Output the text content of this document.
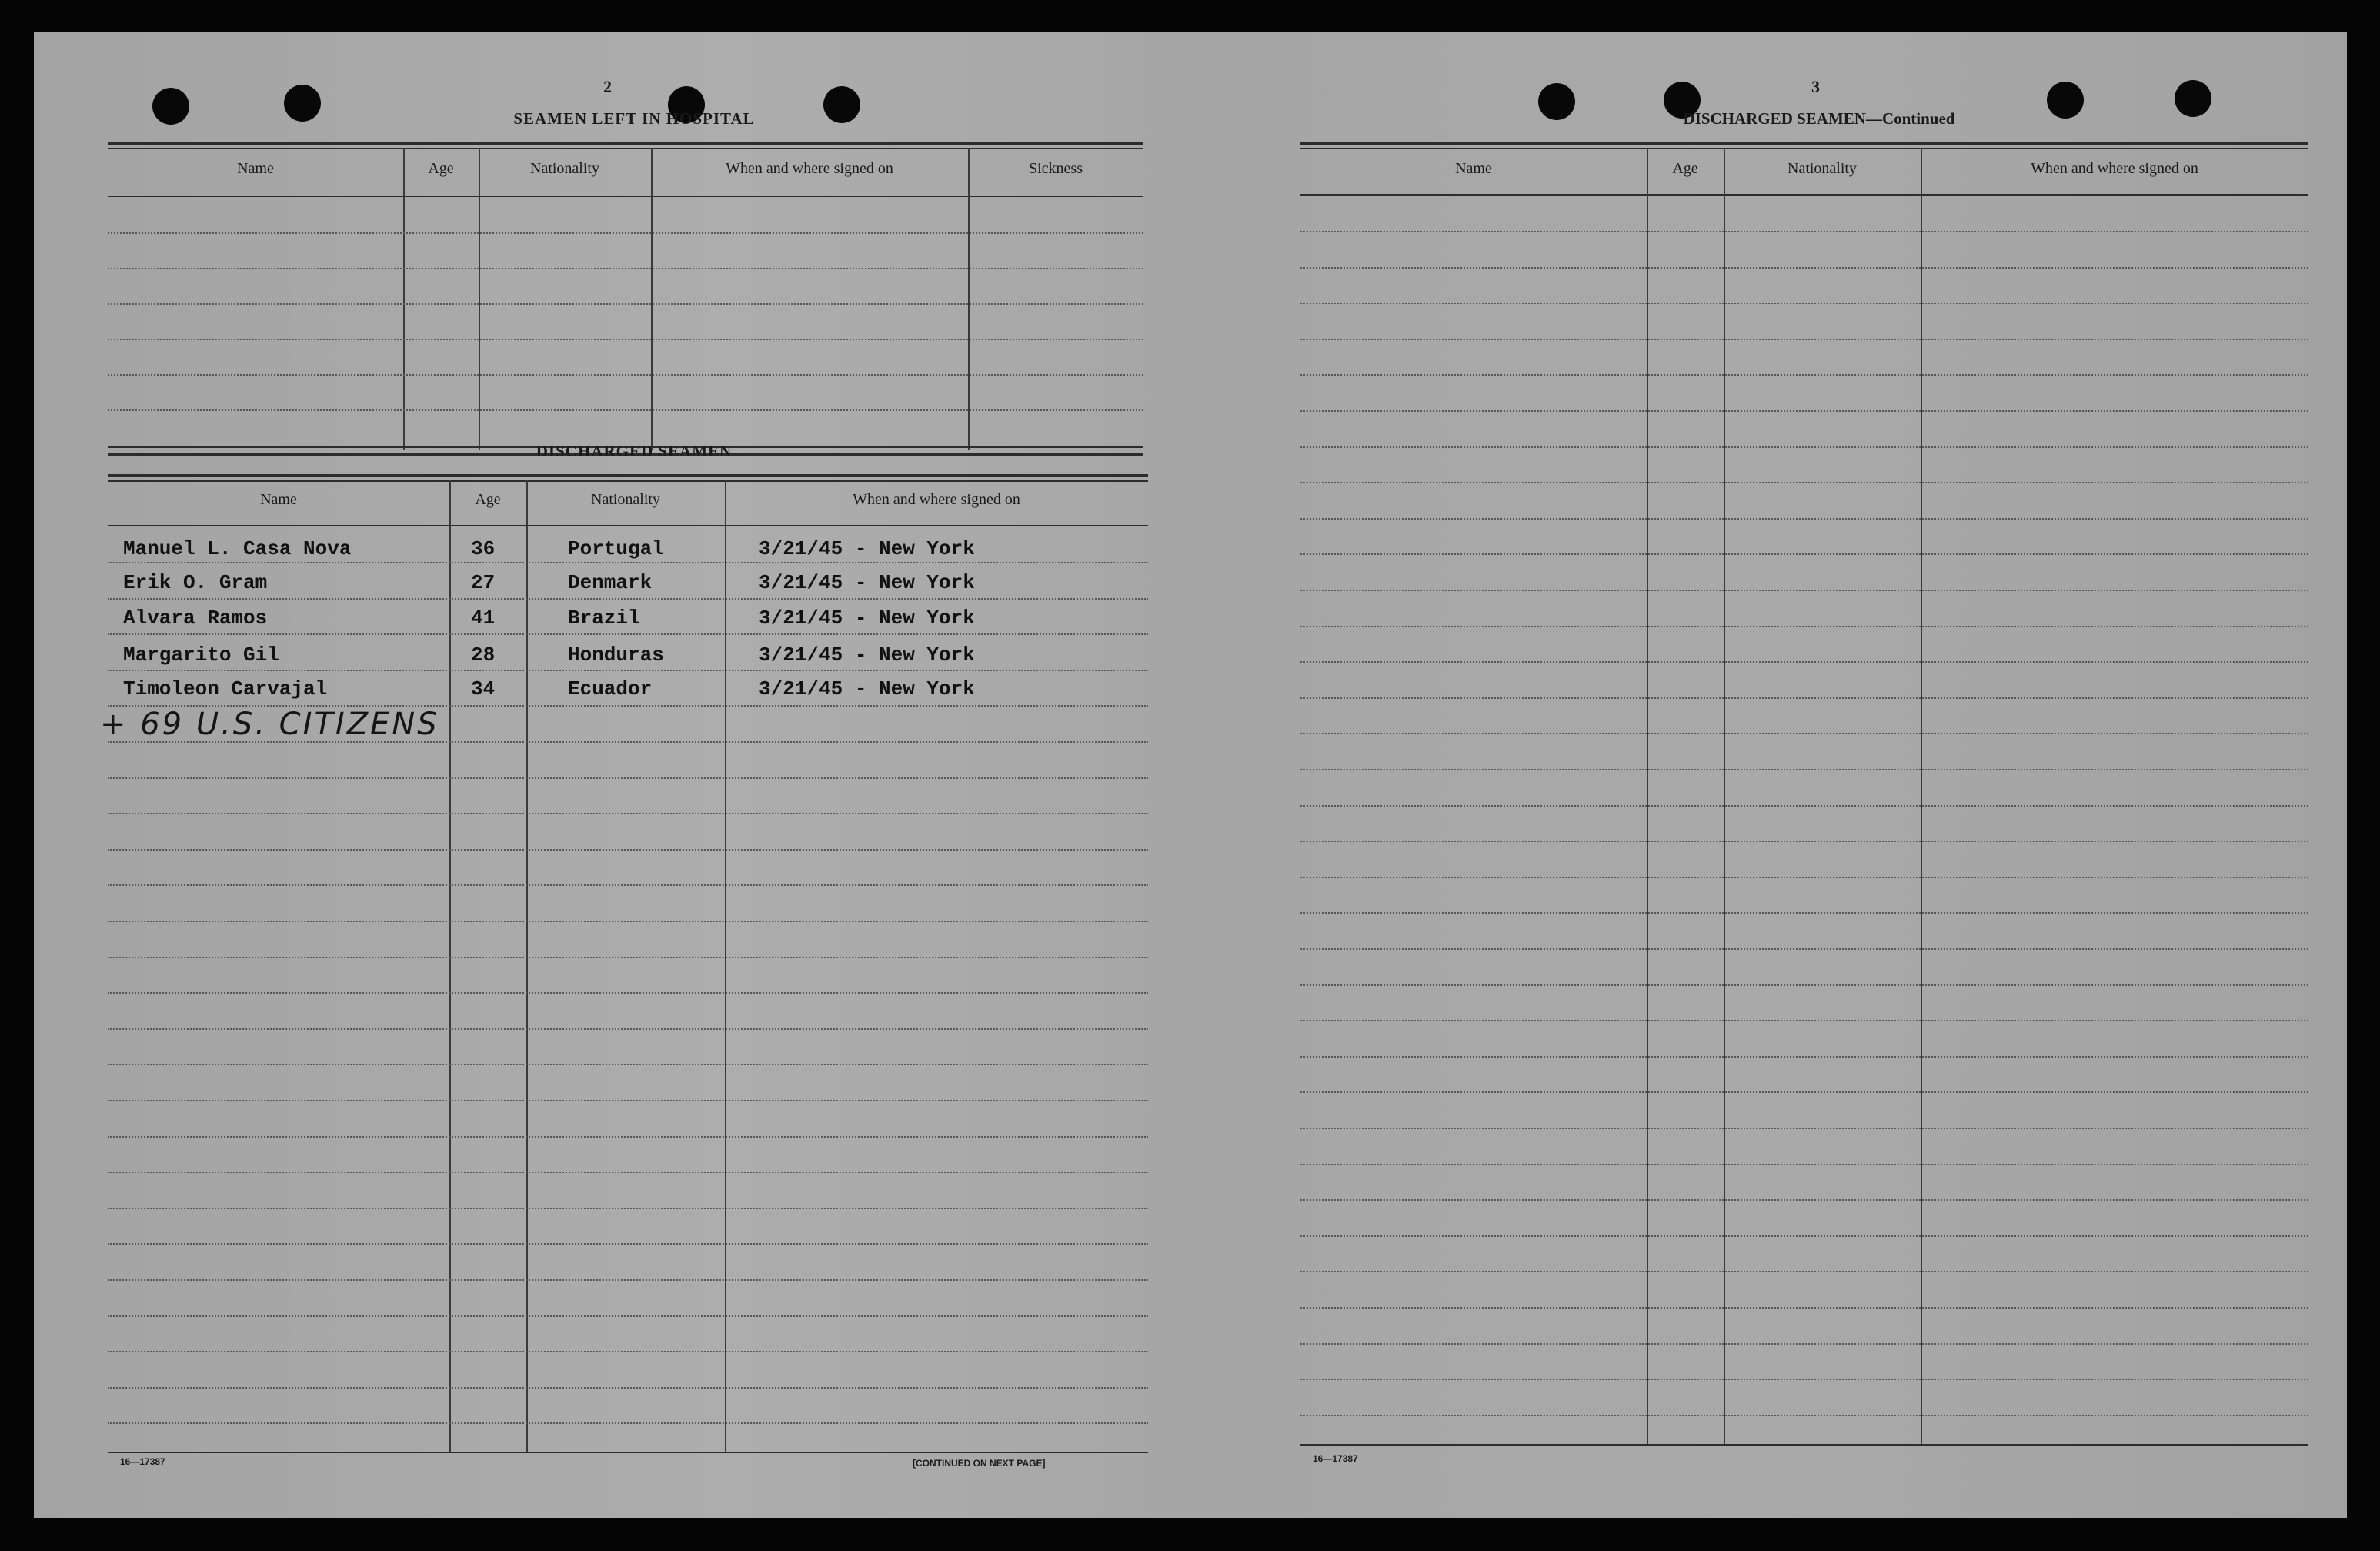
2
SEAMEN LEFT IN HOSPITAL
Name	Age	Nationality	When and where signed on	Sickness
DISCHARGED SEAMEN
Name	Age	Nationality	When and where signed on
Manuel L. Casa Nova	36	Portugal	3/21/45 - New York
Erik O. Gram	27	Denmark	3/21/45 - New York
Alvara Ramos	41	Brazil	3/21/45 - New York
Margarito Gil	28	Honduras	3/21/45 - New York
Timoleon Carvajal	34	Ecuador	3/21/45 - New York
+ 69 U.S. CITIZENS
16—17387	[CONTINUED ON NEXT PAGE]
3
DISCHARGED SEAMEN—Continued
Name	Age	Nationality	When and where signed on
16—17387
